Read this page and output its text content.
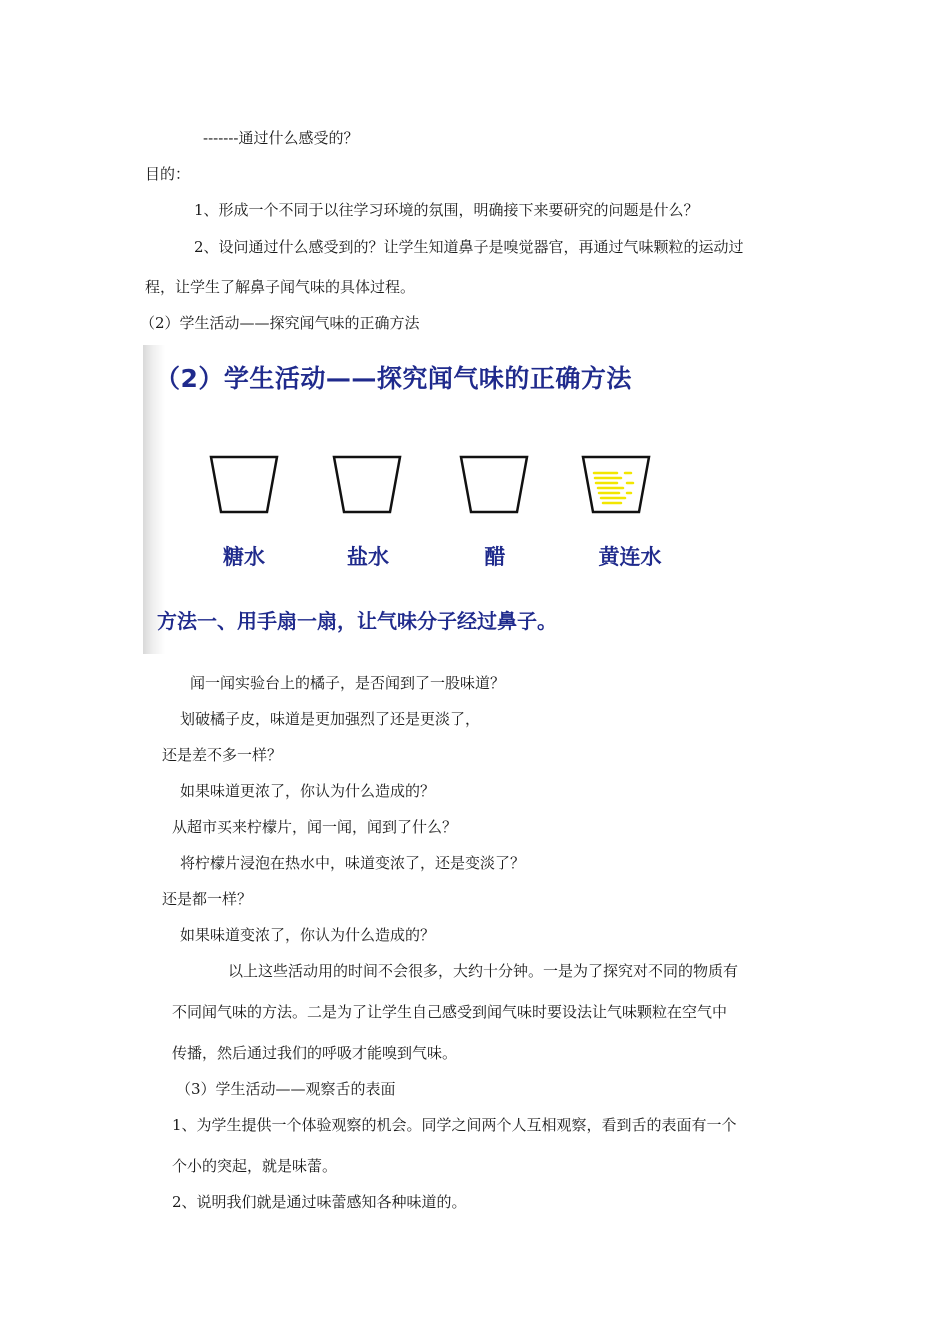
-------通过什么感受的？
目的：
1、形成一个不同于以往学习环境的氛围，明确接下来要研究的问题是什么？
2、设问通过什么感受到的？让学生知道鼻子是嗅觉器官，再通过气味颗粒的运动过
程，让学生了解鼻子闻气味的具体过程。
（2）学生活动——探究闻气味的正确方法
（2）学生活动——探究闻气味的正确方法
糖水	盐水	醋	黄连水
方法一、用手扇一扇，让气味分子经过鼻子。
闻一闻实验台上的橘子，是否闻到了一股味道？
划破橘子皮，味道是更加强烈了还是更淡了，
还是差不多一样？
如果味道更浓了，你认为什么造成的？
从超市买来柠檬片，闻一闻，闻到了什么？
将柠檬片浸泡在热水中，味道变浓了，还是变淡了？
还是都一样？
如果味道变浓了，你认为什么造成的？
以上这些活动用的时间不会很多，大约十分钟。一是为了探究对不同的物质有
不同闻气味的方法。二是为了让学生自己感受到闻气味时要设法让气味颗粒在空气中
传播，然后通过我们的呼吸才能嗅到气味。
（3）学生活动——观察舌的表面
1、为学生提供一个体验观察的机会。同学之间两个人互相观察，看到舌的表面有一个
个小的突起，就是味蕾。
2、说明我们就是通过味蕾感知各种味道的。
